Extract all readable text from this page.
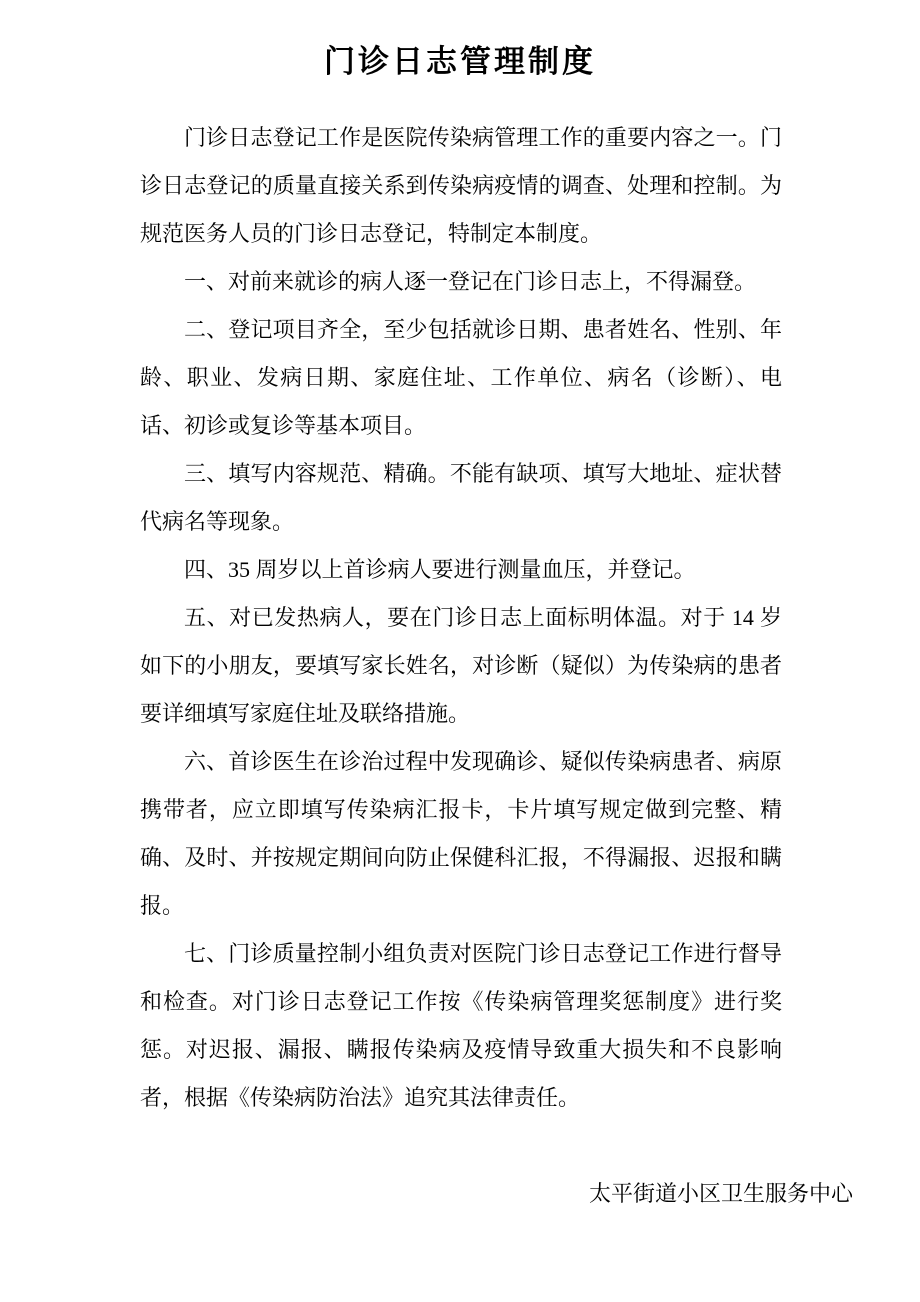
门诊日志管理制度

门诊日志登记工作是医院传染病管理工作的重要内容之一。门诊日志登记的质量直接关系到传染病疫情的调查、处理和控制。为规范医务人员的门诊日志登记，特制定本制度。

一、对前来就诊的病人逐一登记在门诊日志上，不得漏登。

二、登记项目齐全，至少包括就诊日期、患者姓名、性别、年龄、职业、发病日期、家庭住址、工作单位、病名（诊断）、电话、初诊或复诊等基本项目。

三、填写内容规范、精确。不能有缺项、填写大地址、症状替代病名等现象。

四、35 周岁以上首诊病人要进行测量血压，并登记。

五、对已发热病人，要在门诊日志上面标明体温。对于 14 岁如下的小朋友，要填写家长姓名，对诊断（疑似）为传染病的患者要详细填写家庭住址及联络措施。

六、首诊医生在诊治过程中发现确诊、疑似传染病患者、病原携带者，应立即填写传染病汇报卡，卡片填写规定做到完整、精确、及时、并按规定期间向防止保健科汇报，不得漏报、迟报和瞒报。

七、门诊质量控制小组负责对医院门诊日志登记工作进行督导和检查。对门诊日志登记工作按《传染病管理奖惩制度》进行奖惩。对迟报、漏报、瞒报传染病及疫情导致重大损失和不良影响者，根据《传染病防治法》追究其法律责任。

太平街道小区卫生服务中心
